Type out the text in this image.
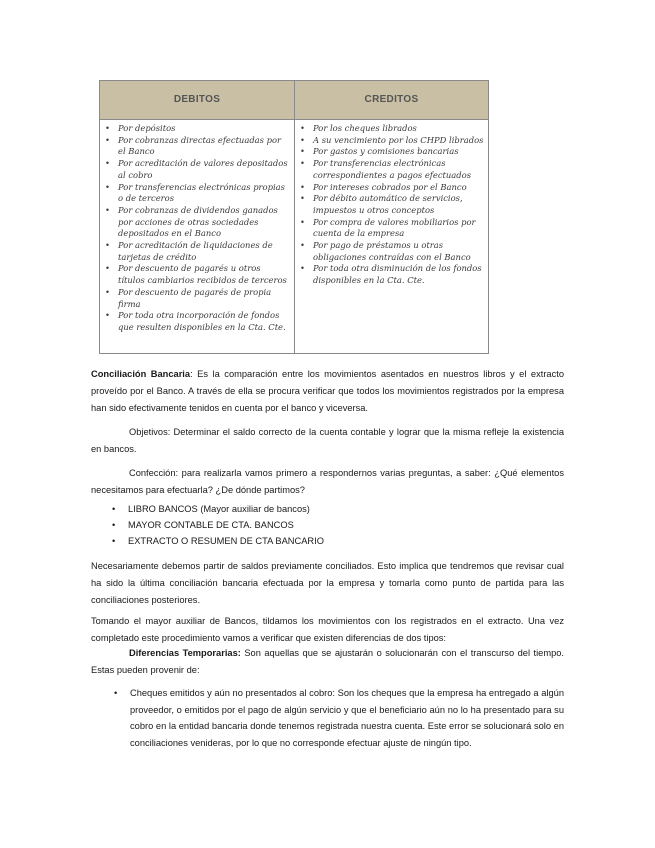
DEBITOS	CREDITOS
• Por depósitos
• Por cobranzas directas efectuadas por el Banco
• Por acreditación de valores depositados al cobro
• Por transferencias electrónicas propias o de terceros
• Por cobranzas de dividendos ganados por acciones de otras sociedades depositados en el Banco
• Por acreditación de liquidaciones de tarjetas de crédito
• Por descuento de pagarés u otros títulos cambiarios recibidos de terceros
• Por descuento de pagarés de propia firma
• Por toda otra incorporación de fondos que resulten disponibles en la Cta. Cte.
• Por los cheques librados
• A su vencimiento por los CHPD librados
• Por gastos y comisiones bancarias
• Por transferencias electrónicas correspondientes a pagos efectuados
• Por intereses cobrados por el Banco
• Por débito automático de servicios, impuestos u otros conceptos
• Por compra de valores mobiliarios por cuenta de la empresa
• Por pago de préstamos u otras obligaciones contraídas con el Banco
• Por toda otra disminución de los fondos disponibles en la Cta. Cte.
Conciliación Bancaria: Es la comparación entre los movimientos asentados en nuestros libros y el extracto proveído por el Banco. A través de ella se procura verificar que todos los movimientos registrados por la empresa han sido efectivamente tenidos en cuenta por el banco y viceversa.
Objetivos: Determinar el saldo correcto de la cuenta contable y lograr que la misma refleje la existencia en bancos.
Confección: para realizarla vamos primero a respondernos varias preguntas, a saber: ¿Qué elementos necesitamos para efectuarla? ¿De dónde partimos?
• LIBRO BANCOS (Mayor auxiliar de bancos)
• MAYOR CONTABLE DE CTA. BANCOS
• EXTRACTO O RESUMEN DE CTA BANCARIO
Necesariamente debemos partir de saldos previamente conciliados. Esto implica que tendremos que revisar cual ha sido la última conciliación bancaria efectuada por la empresa y tomarla como punto de partida para las conciliaciones posteriores.
Tomando el mayor auxiliar de Bancos, tildamos los movimientos con los registrados en el extracto. Una vez completado este procedimiento vamos a verificar que existen diferencias de dos tipos:
Diferencias Temporarias: Son aquellas que se ajustarán o solucionarán con el transcurso del tiempo. Estas pueden provenir de:
• Cheques emitidos y aún no presentados al cobro: Son los cheques que la empresa ha entregado a algún proveedor, o emitidos por el pago de algún servicio y que el beneficiario aún no lo ha presentado para su cobro en la entidad bancaria donde tenemos registrada nuestra cuenta. Este error se solucionará solo en conciliaciones venideras, por lo que no corresponde efectuar ajuste de ningún tipo.
